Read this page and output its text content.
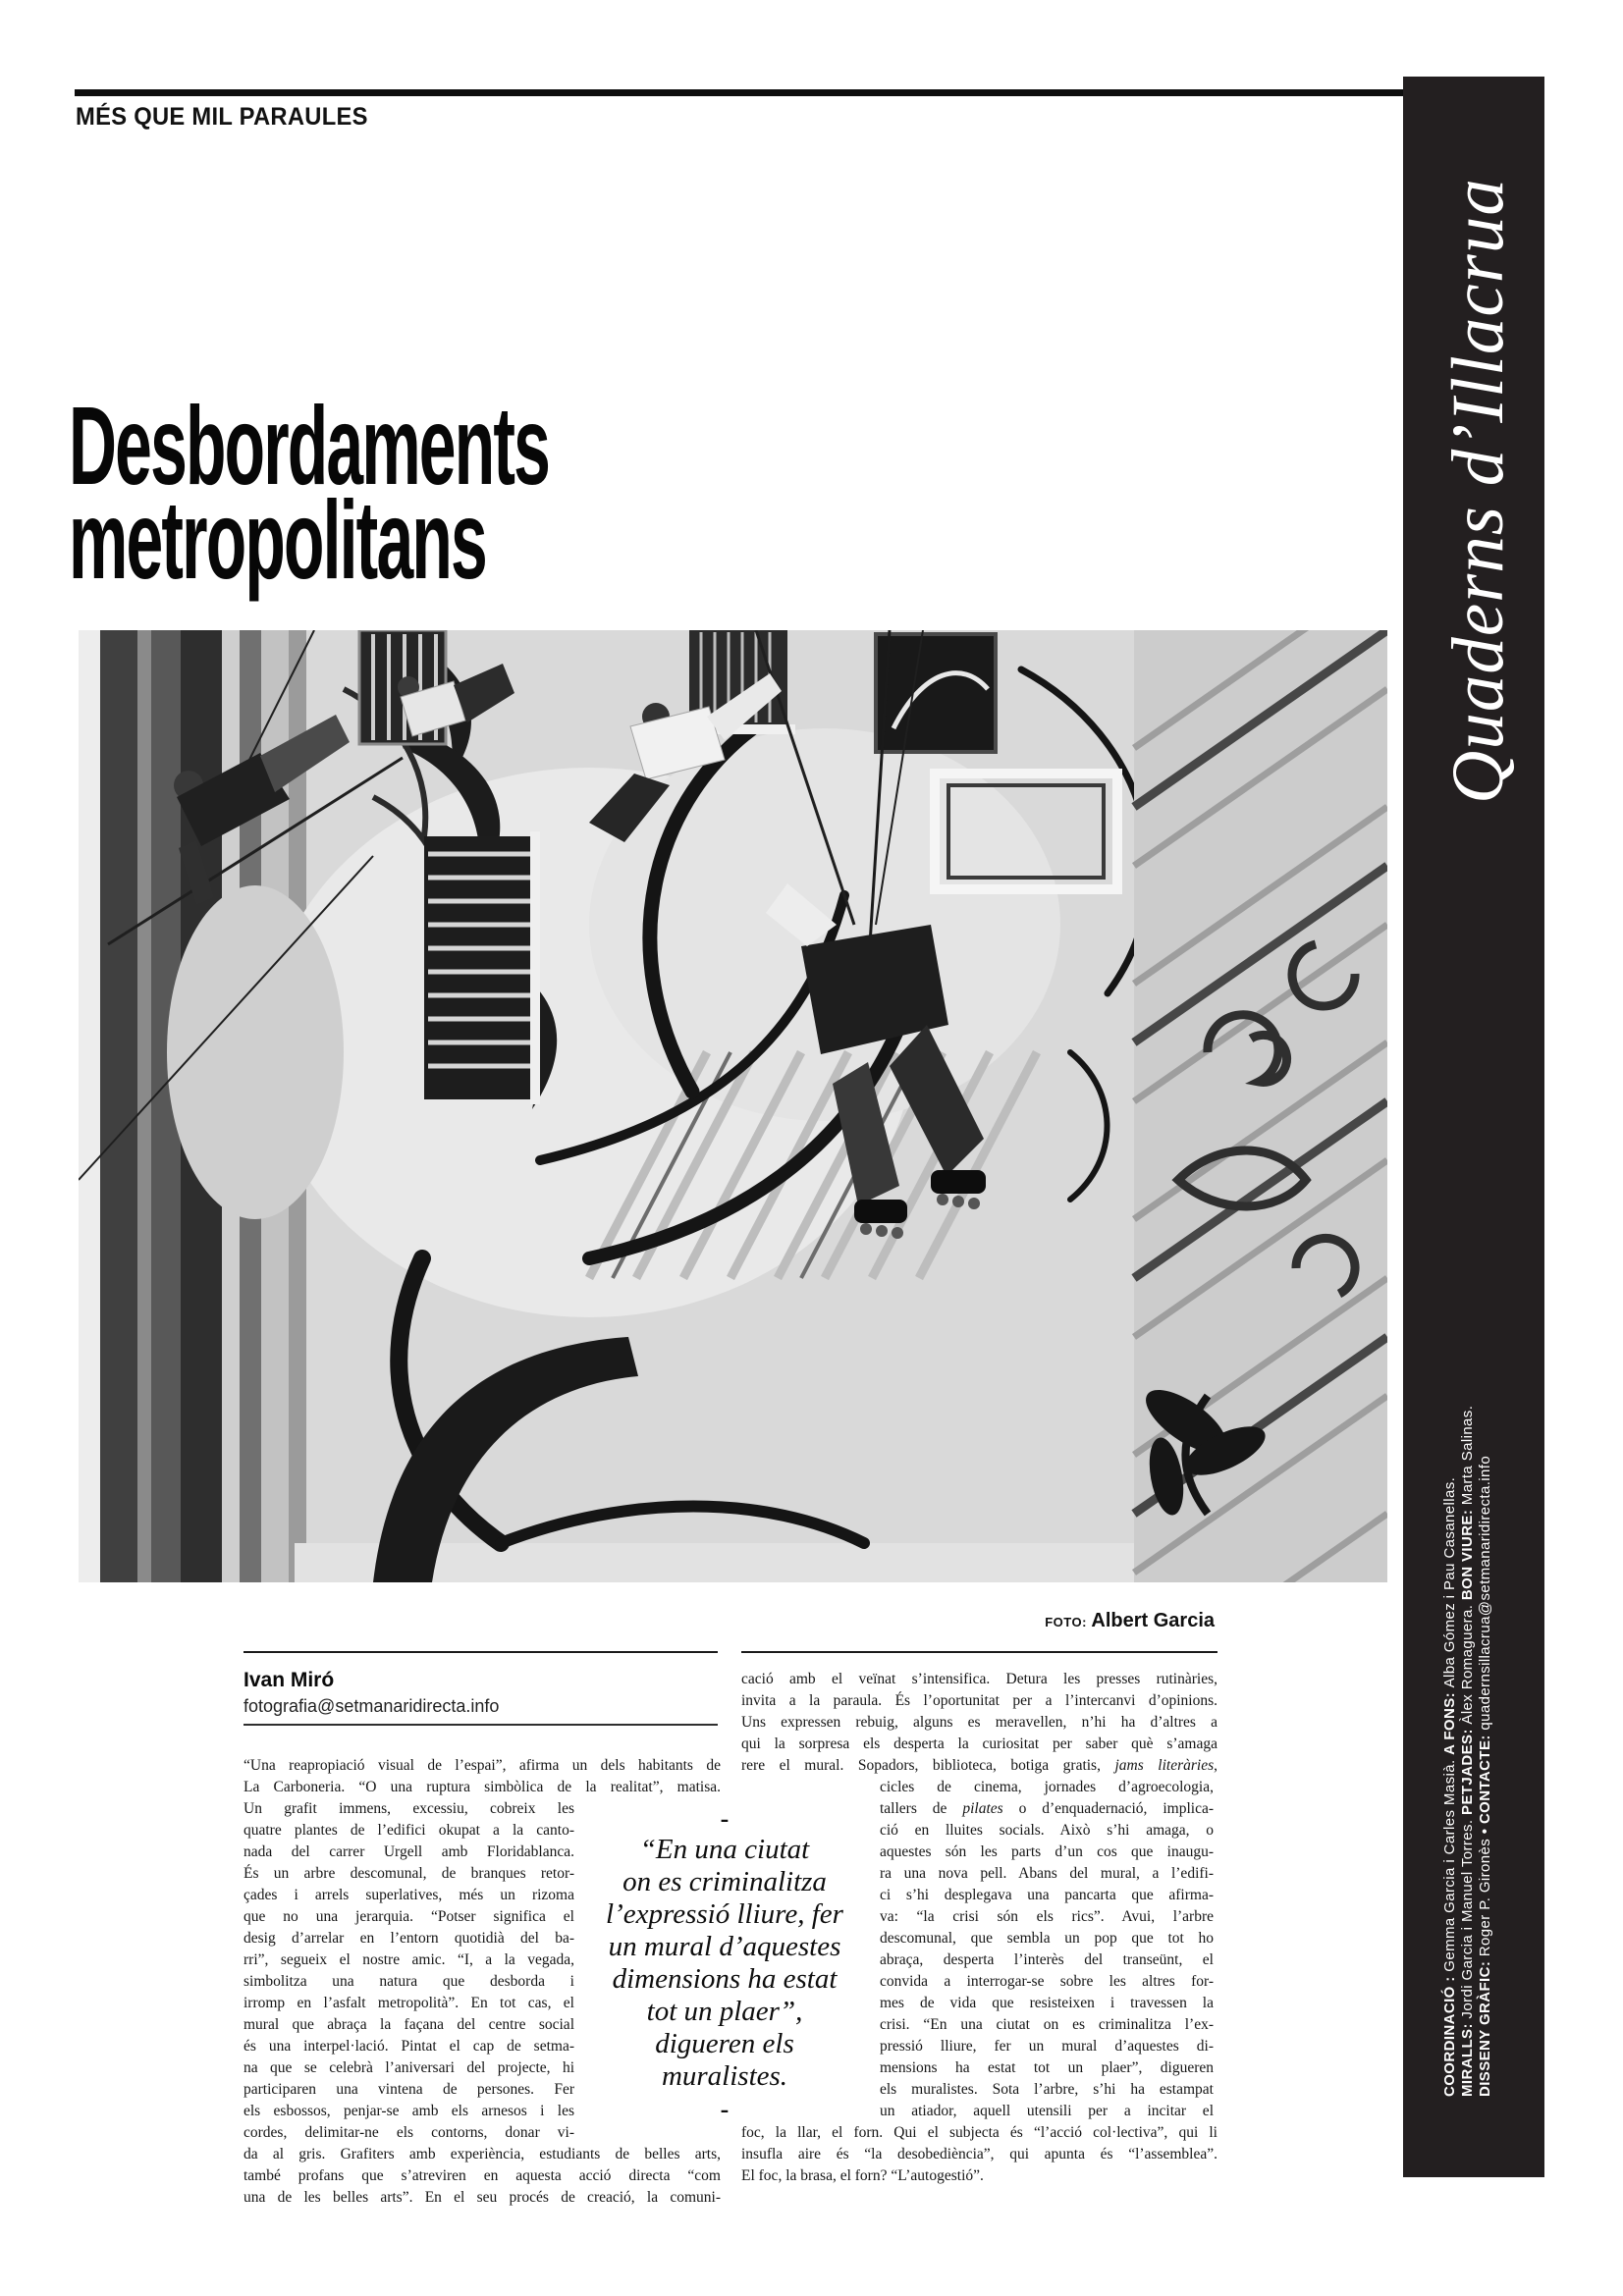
MÉS QUE MIL PARAULES
Desbordaments
metropolitans
FOTO: Albert Garcia
Ivan Miró
fotografia@setmanaridirecta.info
“Una reapropiació visual de l’espai”, afirma un dels habitants de
La Carboneria. “O una ruptura simbòlica de la realitat”, matisa.
Un grafit immens, excessiu, cobreix les
quatre plantes de l’edifici okupat a la canto-
nada del carrer Urgell amb Floridablanca.
És un arbre descomunal, de branques retor-
çades i arrels superlatives, més un rizoma
que no una jerarquia. “Potser significa el
desig d’arrelar en l’entorn quotidià del ba-
rri”, segueix el nostre amic. “I, a la vegada,
simbolitza una natura que desborda i
irromp en l’asfalt metropolità”. En tot cas, el
mural que abraça la façana del centre social
és una interpel·lació. Pintat el cap de setma-
na que se celebrà l’aniversari del projecte, hi
participaren una vintena de persones. Fer
els esbossos, penjar-se amb els arnesos i les
cordes, delimitar-ne els contorns, donar vi-
da al gris. Grafiters amb experiència, estudiants de belles arts,
també profans que s’atreviren en aquesta acció directa “com
una de les belles arts”. En el seu procés de creació, la comuni-
cació amb el veïnat s’intensifica. Detura les presses rutinàries,
invita a la paraula. És l’oportunitat per a l’intercanvi d’opinions.
Uns expressen rebuig, alguns es meravellen, n’hi ha d’altres a
qui la sorpresa els desperta la curiositat per saber què s’amaga
rere el mural. Sopadors, biblioteca, botiga gratis, jams literàries,
cicles de cinema, jornades d’agroecologia,
tallers de pilates o d’enquadernació, implica-
ció en lluites socials. Això s’hi amaga, o
aquestes són les parts d’un cos que inaugu-
ra una nova pell. Abans del mural, a l’edifi-
ci s’hi desplegava una pancarta que afirma-
va: “la crisi són els rics”. Avui, l’arbre
descomunal, que sembla un pop que tot ho
abraça, desperta l’interès del transeünt, el
convida a interrogar-se sobre les altres for-
mes de vida que resisteixen i travessen la
crisi. “En una ciutat on es criminalitza l’ex-
pressió lliure, fer un mural d’aquestes di-
mensions ha estat tot un plaer”, digueren
els muralistes. Sota l’arbre, s’hi ha estampat
un atiador, aquell utensili per a incitar el
foc, la llar, el forn. Qui el subjecta és “l’acció col·lectiva”, qui li
insufla aire és “la desobediència”, qui apunta és “l’assemblea”.
El foc, la brasa, el forn? “L’autogestió”.
-
“En una ciutat
on es criminalitza
l’expressió lliure, fer
un mural d’aquestes
dimensions ha estat
tot un plaer”,
digueren els
muralistes.
-
Quaderns d’Illacrua
COORDINACIÓ : Gemma Garcia i Carles Masià. A FONS: Alba Gómez i Pau Casanellas.
MIRALLS: Jordi Garcia i Manuel Torres. PETJADES: Àlex Romaguera. BON VIURE: Marta Salinas.
DISSENY GRÀFIC: Roger P. Gironès • CONTACTE: quadernsillacrua@setmanaridirecta.info
